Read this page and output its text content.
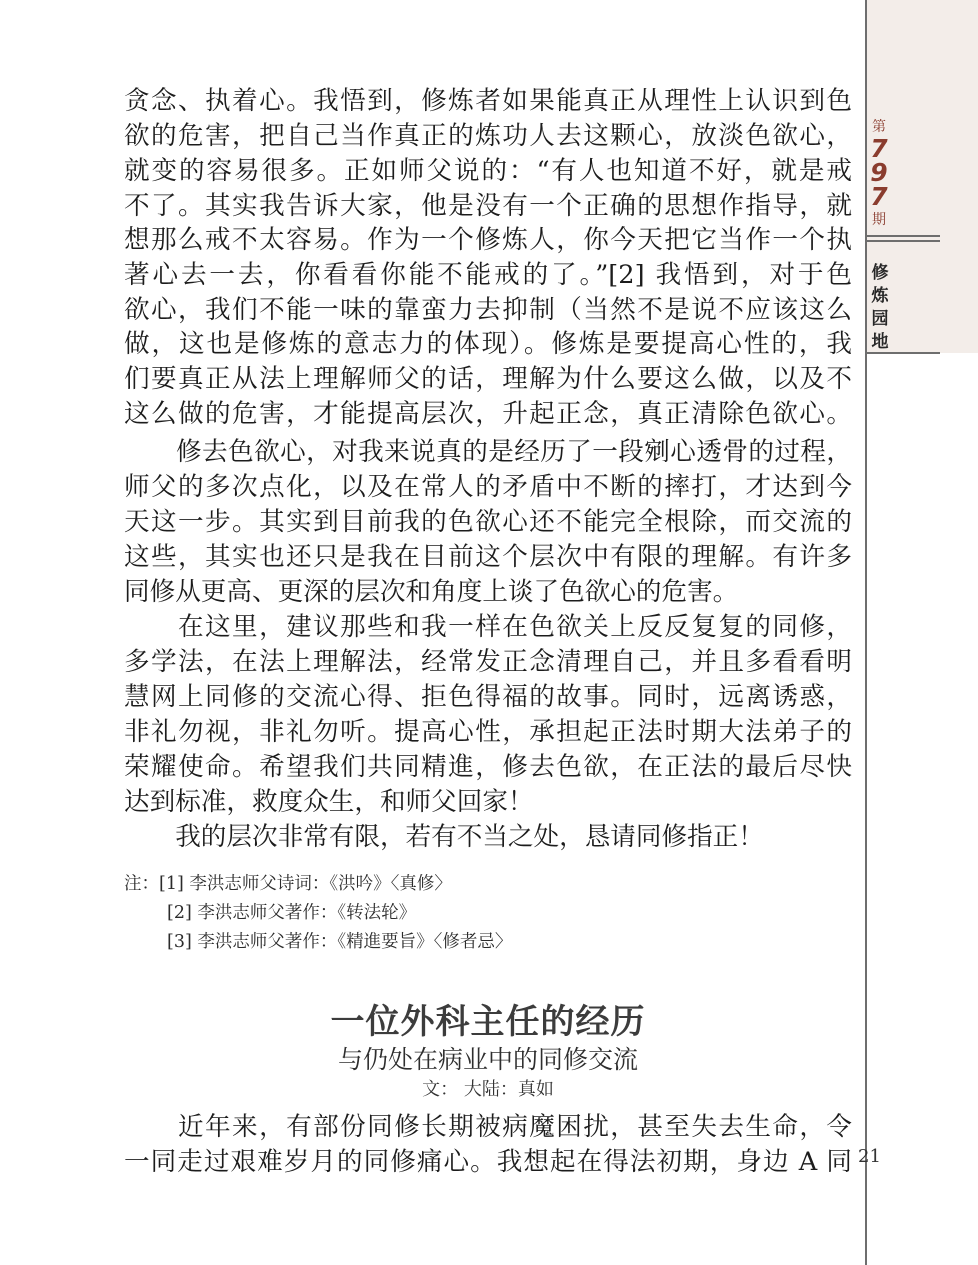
第
7
9
7
期
修
炼
园
地

贪念、执着心。我悟到，修炼者如果能真正从理性上认识到色

欲的危害，把自己当作真正的炼功人去这颗心，放淡色欲心，

就变的容易很多。正如师父说的：“有人也知道不好，就是戒

不了。其实我告诉大家，他是没有一个正确的思想作指导，就

想那么戒不太容易。作为一个修炼人，你今天把它当作一个执

著心去一去，你看看你能不能戒的了。”[2] 我悟到，对于色

欲心，我们不能一味的靠蛮力去抑制（当然不是说不应该这么

做，这也是修炼的意志力的体现）。修炼是要提高心性的，我

们要真正从法上理解师父的话，理解为什么要这么做，以及不

这么做的危害，才能提高层次，升起正念，真正清除色欲心。

　　修去色欲心，对我来说真的是经历了一段剜心透骨的过程，

师父的多次点化，以及在常人的矛盾中不断的摔打，才达到今

天这一步。其实到目前我的色欲心还不能完全根除，而交流的

这些，其实也还只是我在目前这个层次中有限的理解。有许多

同修从更高、更深的层次和角度上谈了色欲心的危害。

　　在这里，建议那些和我一样在色欲关上反反复复的同修，

多学法，在法上理解法，经常发正念清理自己，并且多看看明

慧网上同修的交流心得、拒色得福的故事。同时，远离诱惑，

非礼勿视，非礼勿听。提高心性，承担起正法时期大法弟子的

荣耀使命。希望我们共同精進，修去色欲，在正法的最后尽快

达到标准，救度众生，和师父回家！

　　我的层次非常有限，若有不当之处，恳请同修指正！

注：[1] 李洪志师父诗词：《洪吟》〈真修〉
[2] 李洪志师父著作：《转法轮》
[3] 李洪志师父著作：《精進要旨》〈修者忌〉
一位外科主任的经历
与仍处在病业中的同修交流
文： 大陆：真如

　　近年来，有部份同修长期被病魔困扰，甚至失去生命，令

一同走过艰难岁月的同修痛心。我想起在得法初期，身边 A 同 21
